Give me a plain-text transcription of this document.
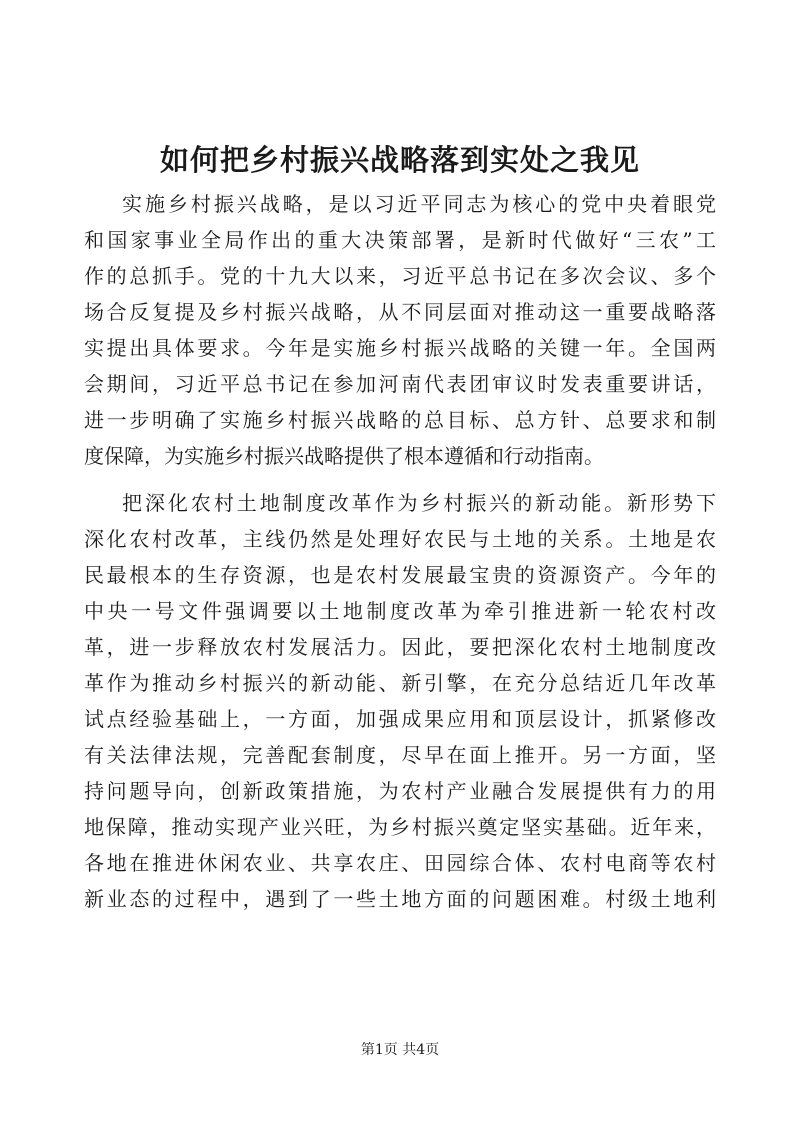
如何把乡村振兴战略落到实处之我见
实施乡村振兴战略，是以习近平同志为核心的党中央着眼党
和国家事业全局作出的重大决策部署，是新时代做好“三农”工
作的总抓手。党的十九大以来，习近平总书记在多次会议、多个
场合反复提及乡村振兴战略，从不同层面对推动这一重要战略落
实提出具体要求。今年是实施乡村振兴战略的关键一年。全国两
会期间，习近平总书记在参加河南代表团审议时发表重要讲话，
进一步明确了实施乡村振兴战略的总目标、总方针、总要求和制
度保障，为实施乡村振兴战略提供了根本遵循和行动指南。
把深化农村土地制度改革作为乡村振兴的新动能。新形势下
深化农村改革，主线仍然是处理好农民与土地的关系。土地是农
民最根本的生存资源，也是农村发展最宝贵的资源资产。今年的
中央一号文件强调要以土地制度改革为牵引推进新一轮农村改
革，进一步释放农村发展活力。因此，要把深化农村土地制度改
革作为推动乡村振兴的新动能、新引擎，在充分总结近几年改革
试点经验基础上，一方面，加强成果应用和顶层设计，抓紧修改
有关法律法规，完善配套制度，尽早在面上推开。另一方面，坚
持问题导向，创新政策措施，为农村产业融合发展提供有力的用
地保障，推动实现产业兴旺，为乡村振兴奠定坚实基础。近年来，
各地在推进休闲农业、共享农庄、田园综合体、农村电商等农村
新业态的过程中，遇到了一些土地方面的问题困难。村级土地利
第1页 共4页
